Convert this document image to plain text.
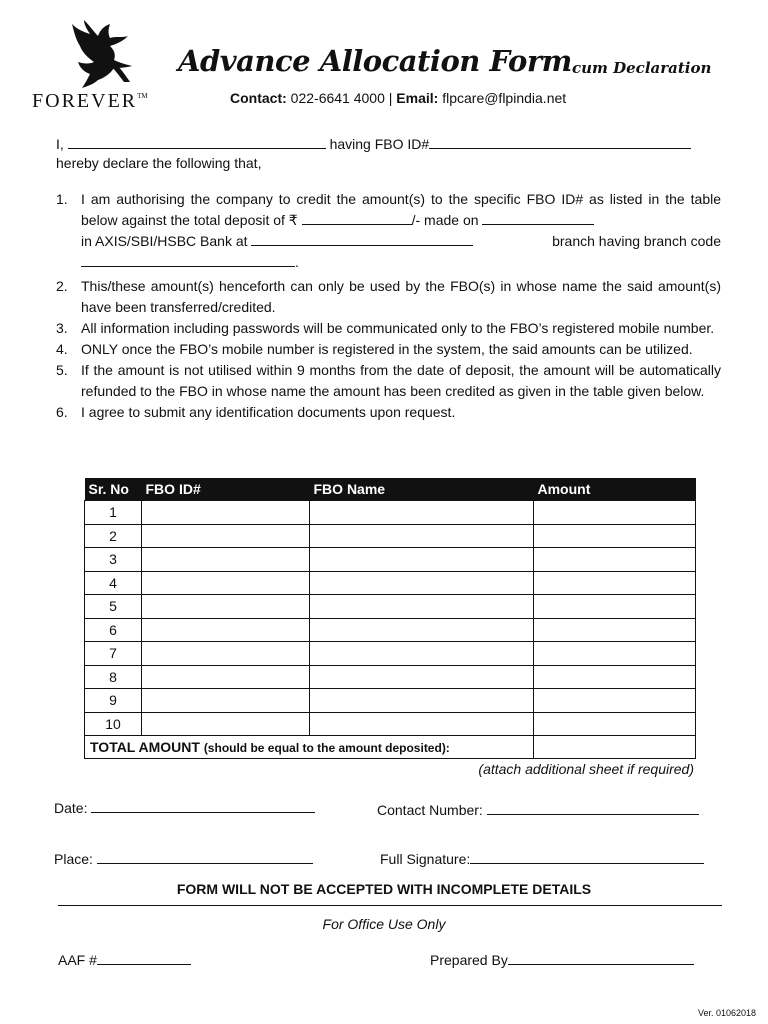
FOREVER™
Advance Allocation Form cum Declaration
Contact: 022-6641 4000 | Email: flpcare@flpindia.net
I,	having FBO ID#
hereby declare the following that,
1. I am authorising the company to credit the amount(s) to the specific FBO ID# as listed in the table below against the total deposit of ₹	/- made on
in AXIS/SBI/HSBC Bank at	branch having branch code

.
2. This/these amount(s) henceforth can only be used by the FBO(s) in whose name the said amount(s) have been transferred/credited.
3. All information including passwords will be communicated only to the FBO’s registered mobile number.
4. ONLY once the FBO’s mobile number is registered in the system, the said amounts can be utilized.
5. If the amount is not utilised within 9 months from the date of deposit, the amount will be automatically refunded to the FBO in whose name the amount has been credited as given in the table given below.
6. I agree to submit any identification documents upon request.
Sr. No	FBO ID#	FBO Name	Amount
1			
2			
3			
4			
5			
6			
7			
8			
9			
10			
TOTAL AMOUNT (should be equal to the amount deposited):			
(attach additional sheet if required)
Date:	Contact Number:
Place:	Full Signature:
FORM WILL NOT BE ACCEPTED WITH INCOMPLETE DETAILS
For Office Use Only
AAF #	Prepared By
Ver. 01062018
